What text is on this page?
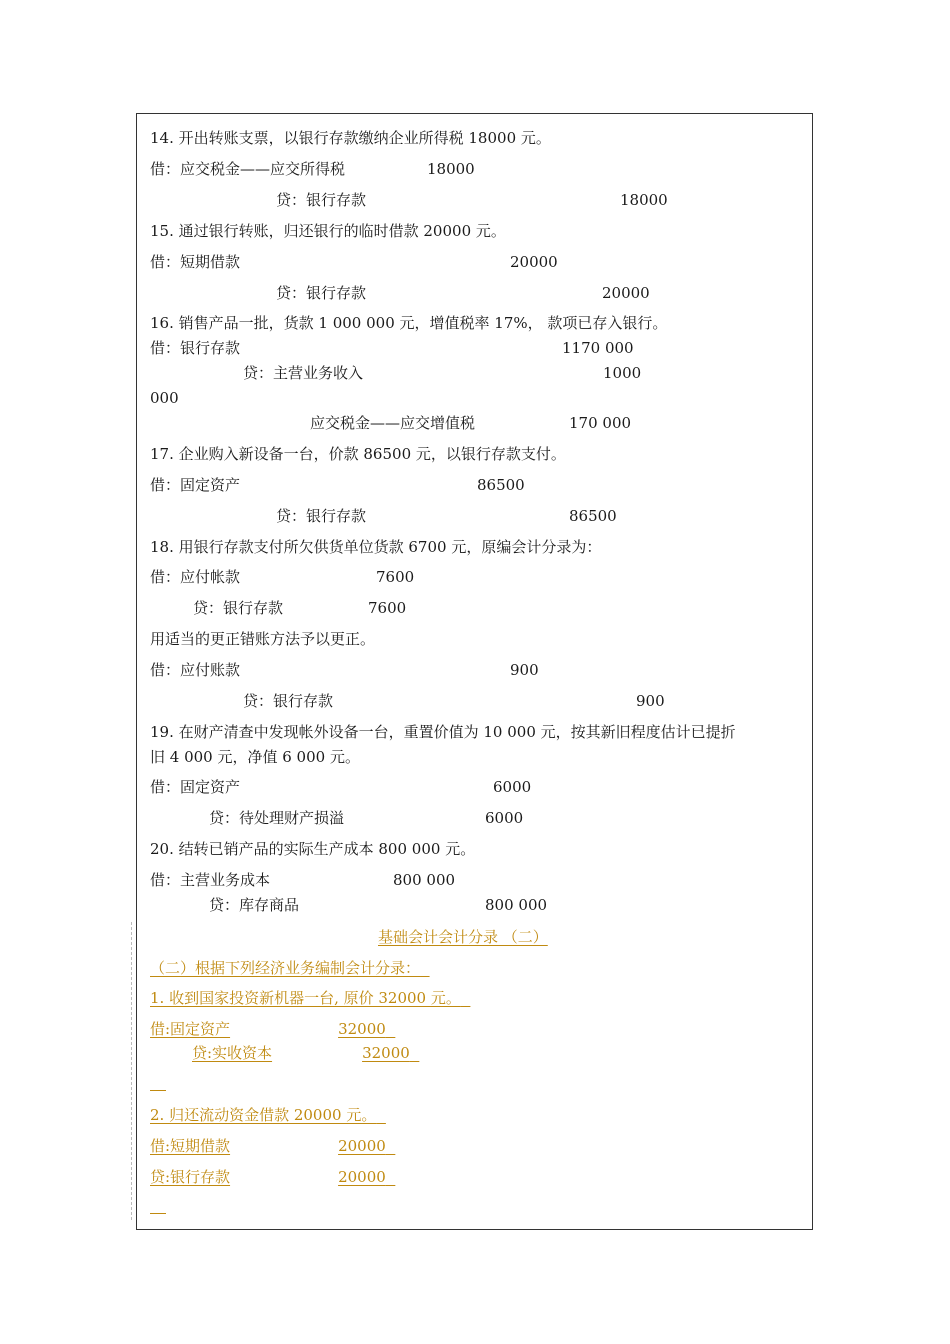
14. 开出转账支票，以银行存款缴纳企业所得税 18000 元。
借：应交税金——应交所得税	18000
贷：银行存款	18000
15. 通过银行转账，归还银行的临时借款 20000 元。
借：短期借款	20000
贷：银行存款	20000
16. 销售产品一批，货款 1 000 000 元，增值税率 17%， 款项已存入银行。
借：银行存款	1170 000
贷：主营业务收入	1000
000
应交税金——应交增值税	170 000
17. 企业购入新设备一台，价款 86500 元，以银行存款支付。
借：固定资产	86500
贷：银行存款	86500
18. 用银行存款支付所欠供货单位货款 6700 元，原编会计分录为：
借：应付帐款	7600
贷：银行存款	7600
用适当的更正错账方法予以更正。
借：应付账款	900
贷：银行存款	900
19. 在财产清查中发现帐外设备一台，重置价值为 10 000 元，按其新旧程度估计已提折
旧 4 000 元，净值 6 000 元。
借：固定资产	6000
贷：待处理财产损溢	6000
20. 结转已销产品的实际生产成本 800 000 元。
借：主营业务成本	800 000
贷：库存商品	800 000
基础会计会计分录 （二）
（二）根据下列经济业务编制会计分录：
1. 收到国家投资新机器一台, 原价 32000 元。
借:固定资产	32000
贷:实收资本	32000
2. 归还流动资金借款 20000 元。
借:短期借款	20000
贷:银行存款	20000
